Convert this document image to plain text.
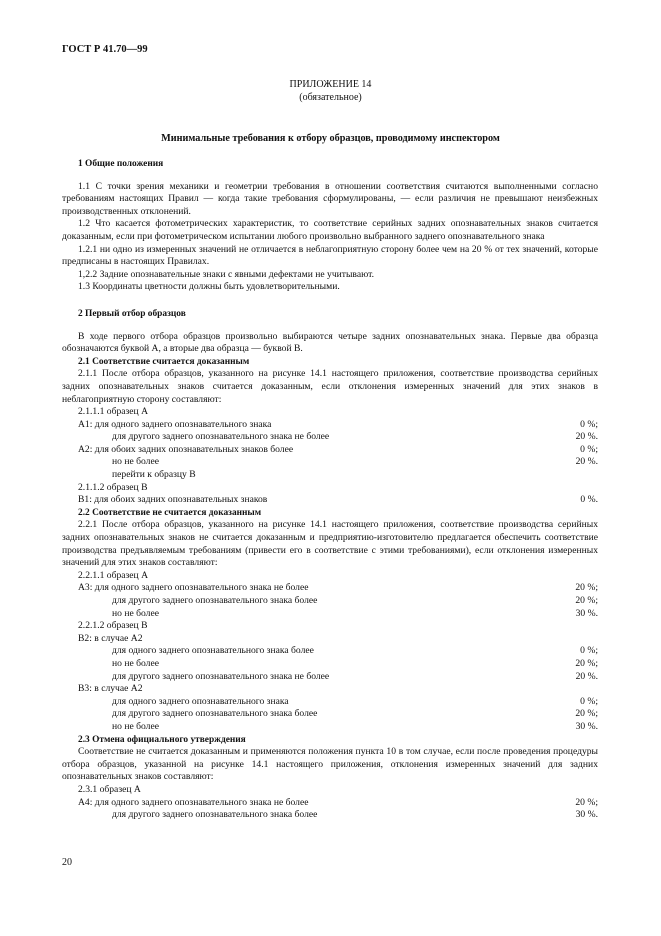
ГОСТ Р 41.70—99
ПРИЛОЖЕНИЕ 14
(обязательное)
Минимальные требования к отбору образцов, проводимому инспектором
1 Общие положения
1.1 С точки зрения механики и геометрии требования в отношении соответствия считаются выполненными согласно требованиям настоящих Правил — когда такие требования сформулированы, — если различия не превышают неизбежных производственных отклонений.
1.2 Что касается фотометрических характеристик, то соответствие серийных задних опознавательных знаков считается доказанным, если при фотометрическом испытании любого произвольно выбранного заднего опознавательного знака
1.2.1 ни одно из измеренных значений не отличается в неблагоприятную сторону более чем на 20 % от тех значений, которые предписаны в настоящих Правилах.
1,2.2 Задние опознавательные знаки с явными дефектами не учитывают.
1.3 Координаты цветности должны быть удовлетворительными.
2 Первый отбор образцов
В ходе первого отбора образцов произвольно выбираются четыре задних опознавательных знака. Первые два образца обозначаются буквой А, а вторые два образца — буквой В.
2.1 Соответствие считается доказанным
2.1.1 После отбора образцов, указанного на рисунке 14.1 настоящего приложения, соответствие производства серийных задних опознавательных знаков считается доказанным, если отклонения измеренных значений для этих знаков в неблагоприятную сторону составляют:
2.1.1.1 образец А
А1: для одного заднего опознавательного знака	0 %;
для другого заднего опознавательного знака не более	20 %.
А2: для обоих задних опознавательных знаков более	0 %;
но не более	20 %.
перейти к образцу В
2.1.1.2 образец В
В1: для обоих задних опознавательных знаков	0 %.
2.2 Соответствие не считается доказанным
2.2.1 После отбора образцов, указанного на рисунке 14.1 настоящего приложения, соответствие производства серийных задних опознавательных знаков не считается доказанным и предприятию-изготовителю предлагается обеспечить соответствие производства предъявляемым требованиям (привести его в соответствие с этими требованиями), если отклонения измеренных значений для этих знаков составляют:
2.2.1.1 образец А
А3: для одного заднего опознавательного знака не более	20 %;
для другого заднего опознавательного знака более	20 %;
но не более	30 %.
2.2.1.2 образец В
В2: в случае А2
для одного заднего опознавательного знака более	0 %;
но не более	20 %;
для другого заднего опознавательного знака не более	20 %.
В3: в случае А2
для одного заднего опознавательного знака	0 %;
для другого заднего опознавательного знака более	20 %;
но не более	30 %.
2.3 Отмена официального утверждения
Соответствие не считается доказанным и применяются положения пункта 10 в том случае, если после проведения процедуры отбора образцов, указанной на рисунке 14.1 настоящего приложения, отклонения измеренных значений для задних опознавательных знаков составляют:
2.3.1 образец А
А4: для одного заднего опознавательного знака не более	20 %;
для другого заднего опознавательного знака более	30 %.
20
